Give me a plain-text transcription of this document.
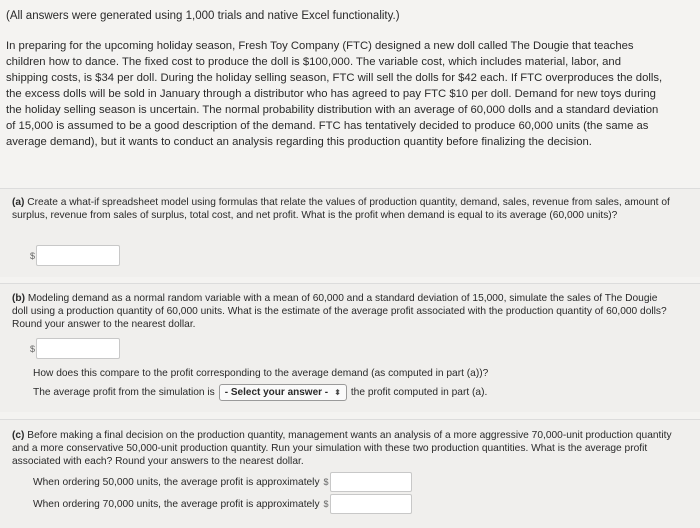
(All answers were generated using 1,000 trials and native Excel functionality.)
In preparing for the upcoming holiday season, Fresh Toy Company (FTC) designed a new doll called The Dougie that teaches children how to dance. The fixed cost to produce the doll is $100,000. The variable cost, which includes material, labor, and shipping costs, is $34 per doll. During the holiday selling season, FTC will sell the dolls for $42 each. If FTC overproduces the dolls, the excess dolls will be sold in January through a distributor who has agreed to pay FTC $10 per doll. Demand for new toys during the holiday selling season is uncertain. The normal probability distribution with an average of 60,000 dolls and a standard deviation of 15,000 is assumed to be a good description of the demand. FTC has tentatively decided to produce 60,000 units (the same as average demand), but it wants to conduct an analysis regarding this production quantity before finalizing the decision.
(a) Create a what-if spreadsheet model using formulas that relate the values of production quantity, demand, sales, revenue from sales, amount of surplus, revenue from sales of surplus, total cost, and net profit. What is the profit when demand is equal to its average (60,000 units)?
$
(b) Modeling demand as a normal random variable with a mean of 60,000 and a standard deviation of 15,000, simulate the sales of The Dougie doll using a production quantity of 60,000 units. What is the estimate of the average profit associated with the production quantity of 60,000 dolls? Round your answer to the nearest dollar.
$
How does this compare to the profit corresponding to the average demand (as computed in part (a))?
The average profit from the simulation is - Select your answer - ⬍ the profit computed in part (a).
(c) Before making a final decision on the production quantity, management wants an analysis of a more aggressive 70,000-unit production quantity and a more conservative 50,000-unit production quantity. Run your simulation with these two production quantities. What is the average profit associated with each? Round your answers to the nearest dollar.
When ordering 50,000 units, the average profit is approximately $
When ordering 70,000 units, the average profit is approximately $
